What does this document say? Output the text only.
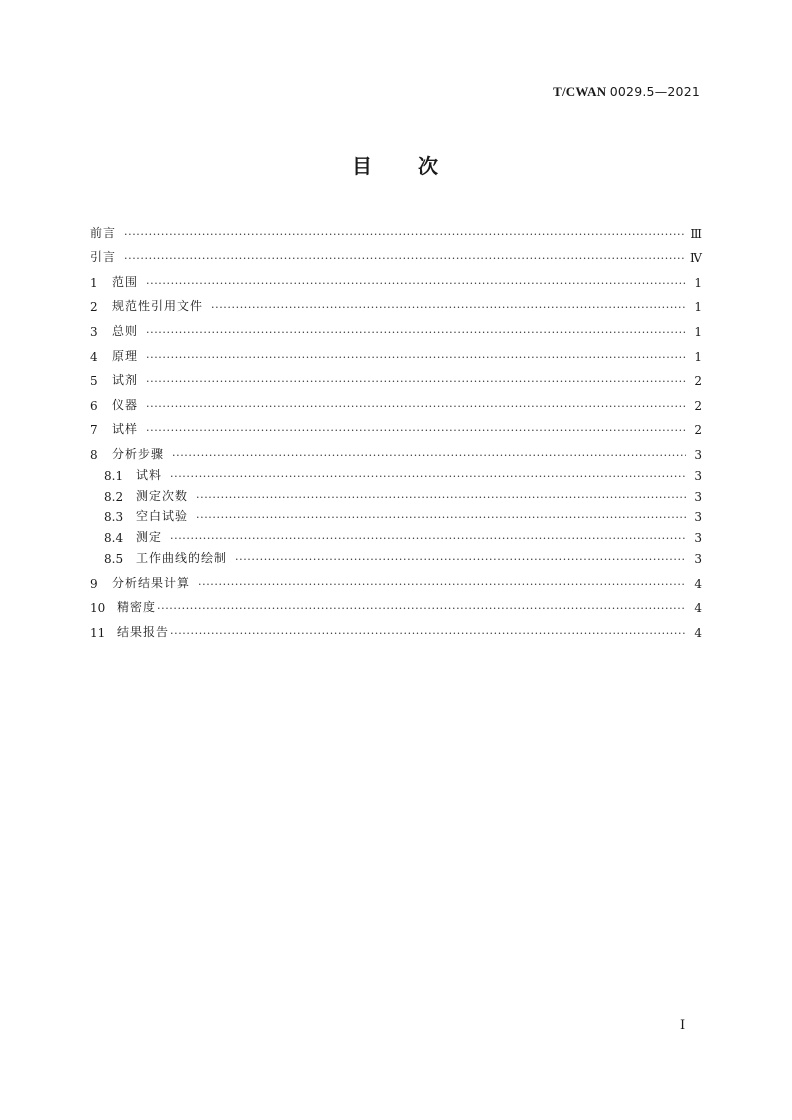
T/CWAN 0029.5—2021
目 次
前言 ·····	Ⅲ
引言 ·····	Ⅳ
1	范围 ·····	1
2	规范性引用文件 ·····	1
3	总则 ·····	1
4	原理 ·····	1
5	试剂 ·····	2
6	仪器 ·····	2
7	试样 ·····	2
8	分析步骤 ·····	3
8.1	试料 ·····	3
8.2	测定次数 ·····	3
8.3	空白试验 ·····	3
8.4	测定 ·····	3
8.5	工作曲线的绘制 ·····	3
9	分析结果计算 ·····	4
10 精密度 ·····	4
11 结果报告 ·····	4
I
